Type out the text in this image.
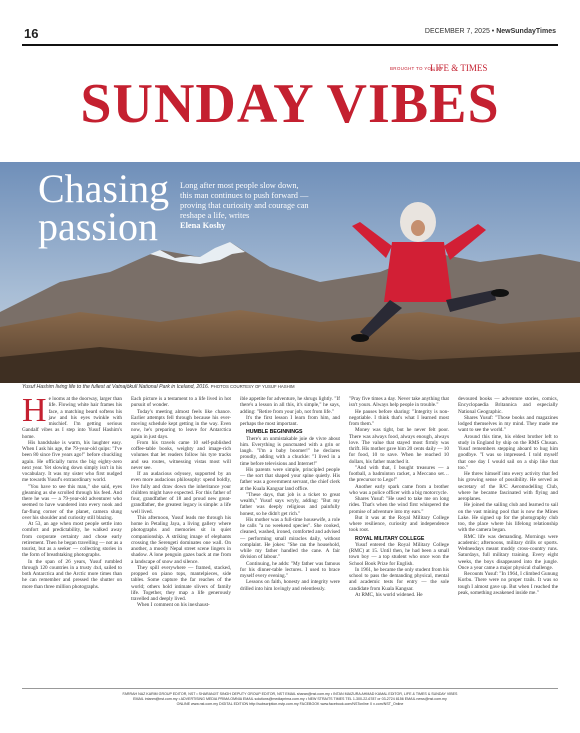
16	DECEMBER 7, 2025 • NewSundayTimes
BROUGHT TO YOU BY
LIFE & TIMES
SUNDAY VIBES
Chasing
passion
Long after most people slow down, this man continues to push forward — proving that curiosity and courage can reshape a life, writes
Elena Koshy
Yusuf Hashim living life to the fullest at Vatnajökull National Park in Iceland, 2016. PHOTOS COURTESY OF YUSUF HASHIM
H e looms at the doorway, larger than life. Flowing white hair frames his face, a matching beard softens his jaw and his eyes twinkle with mischief. I'm getting serious Gandalf vibes as I step into Yusuf Hashim's home.

His handshake is warm, his laughter easy. When I ask his age, the 79-year-old quips: "I've been 80 since five years ago!" before chuckling again. He officially turns the big eighty-zero next year. Yet slowing down simply isn't in his vocabulary. It was my sister who first nudged me towards Yusuf's extraordinary world.

"You have to see this man," she said, eyes gleaming as she scrolled through his feed. And there he was — a 79-year-old adventurer who seemed to have wandered into every nook and far-flung corner of the planet, camera slung over his shoulder and curiosity still blazing.

At 53, an age when most people settle into comfort and predictability, he walked away from corporate certainty and chose early retirement. Then he began travelling — not as a tourist, but as a seeker — collecting stories in the form of breathtaking photographs.

In the span of 26 years, Yusuf rumbled through 120 countries in a trusty 4x4, sailed to both Antarctica and the Arctic more times than he can remember and pressed the shutter on more than three million photographs.

Each picture is a testament to a life lived in hot pursuit of wonder.

Today's meeting almost feels like chance. Earlier attempts fell through because his ever-moving schedule kept getting in the way. Even now, he's preparing to leave for Antarctica again in just days.

From his travels came 10 self-published coffee-table books, weighty and image-rich volumes that let readers follow his tyre tracks and sea routes, witnessing vistas most will never see.

If an audacious odyssey, supported by an even more audacious philosophy: spend boldly, live fully and draw down the inheritance your children might have expected. For this father of four, grandfather of 18 and proud new great-grandfather, the greatest legacy is simple: a life well lived.

This afternoon, Yusuf leads me through his home in Petaling Jaya, a living gallery where photographs and memories sit in quiet companionship. A striking image of elephants crossing the Serengeti dominates one wall. On another, a moody Nepal street scene lingers in shadow. A lone penguin gazes back at me from a landscape of snow and silence.

They spill everywhere — framed, stacked, propped on piano tops, mantelpieces, side tables. Some capture the far reaches of the world; others hold intimate slivers of family life. Together, they map a life generously travelled and deeply lived.

When I comment on his inexhaust-

ible appetite for adventure, he shrugs lightly. "If there's a lesson in all this, it's simple," he says, adding: "Retire from your job, not from life."

It's the first lesson I learn from him, and perhaps the most important.

HUMBLE BEGINNINGS

There's an unmistakable joie de vivre about him. Everything is punctuated with a grin or laugh. "I'm a baby boomer!" he declares proudly, adding with a chuckle: "I lived in a time before televisions and Internet!"

His parents were simple, principled people — the sort that shaped your spine quietly. His father was a government servant, the chief clerk at the Kuala Kangsar land office.

"These days, that job is a ticket to great wealth," Yusuf says wryly, adding: "But my father was deeply religious and painfully honest, so he didn't get rich."

His mother was a full-time housewife, a role he calls "a no weekend species". She cooked, cleaned, washed, ironed, comforted and advised — performing small miracles daily, without complaint. He jokes: "She ran the household, while my father handled the cane. A fair division of labour."

Continuing, he adds: "My father was famous for his dinner-table lectures. I used to brace myself every evening."

Lessons on faith, honesty and integrity were drilled into him lovingly and relentlessly.

"Pray five times a day. Never take anything that isn't yours. Always help people in trouble."

He pauses before sharing: "Integrity is non-negotiable. I think that's what I learned most from them."

Money was tight, but he never felt poor. There was always food, always enough, always love. The value that stayed most firmly was thrift. His mother gave him 20 cents daily — 10 for food, 10 to save. When he reached 10 dollars, his father matched it.

"And with that, I bought treasures — a football, a badminton racket, a Meccano set… the precursor to Lego!"

Another early spark came from a brother who was a police officer with a big motorcycle.

Shares Yusuf: "He used to take me on long rides. That's when the wind first whispered the promise of adventure into my ears."

But it was at the Royal Military College where resilience, curiosity and independence took root.

ROYAL MILITARY COLLEGE

Yusuf entered the Royal Military College (RMC) at 15. Until then, he had been a small town boy — a top student who once won the School Book Prize for English.

In 1961, he became the only student from his school to pass the demanding physical, mental and academic tests for entry — the sole candidate from Kuala Kangsar.

At RMC, his world widened. He

devoured books — adventure stories, comics, Encyclopaedia Britannica and especially National Geographic.

Shares Yusuf: "Those books and magazines lodged themselves in my mind. They made me want to see the world."

Around this time, his eldest brother left to study in England by ship on the RMS Chusan. Yusuf remembers stepping aboard to hug him goodbye. "I was so impressed. I told myself that one day I would sail on a ship like that too."

He threw himself into every activity that fed his growing sense of possibility. He served as secretary of the R/C Aeromodelling Club, where he became fascinated with flying and aeroplanes.

He joined the sailing club and learned to sail on the vast mining pool that is now the Mines Lake. He signed up for the photography club too, the place where his lifelong relationship with the camera began.

RMC life was demanding. Mornings were academic; afternoons, military drills or sports. Wednesdays meant muddy cross-country runs. Saturdays, full military training. Every eight weeks, the boys disappeared into the jungle. Once a year came a major physical challenge.

Recounts Yusuf: "In 1964, I climbed Gunung Korbu. There were no proper trails. It was so tough I almost gave up. But when I reached the peak, something awakened inside me."

FARRAH NAZ KARIM GROUP EDITOR, NST • SHARANJIT SINGH DEPUTY GROUP EDITOR, NST EMAIL sharan@nst.com.my • INTAN MAIZURA AHMAD KAMAL EDITOR, LIFE & TIMES & SUNDAY VIBES
EMAIL intanm@nst.com.my • ADVERTISING MEDIA PRIMA OMNIA EMAIL solutions@mediaprima.com.my • NEW STRAITS TIMES TEL 1-300-22-6787 or 03-2724 8156 EMAIL news@nst.com.my
ONLINE www.nst.com.my DIGITAL EDITION http://subscription.nstp.com.my FACEBOOK www.facebook.com/NSTonline X x.com/NST_Online
